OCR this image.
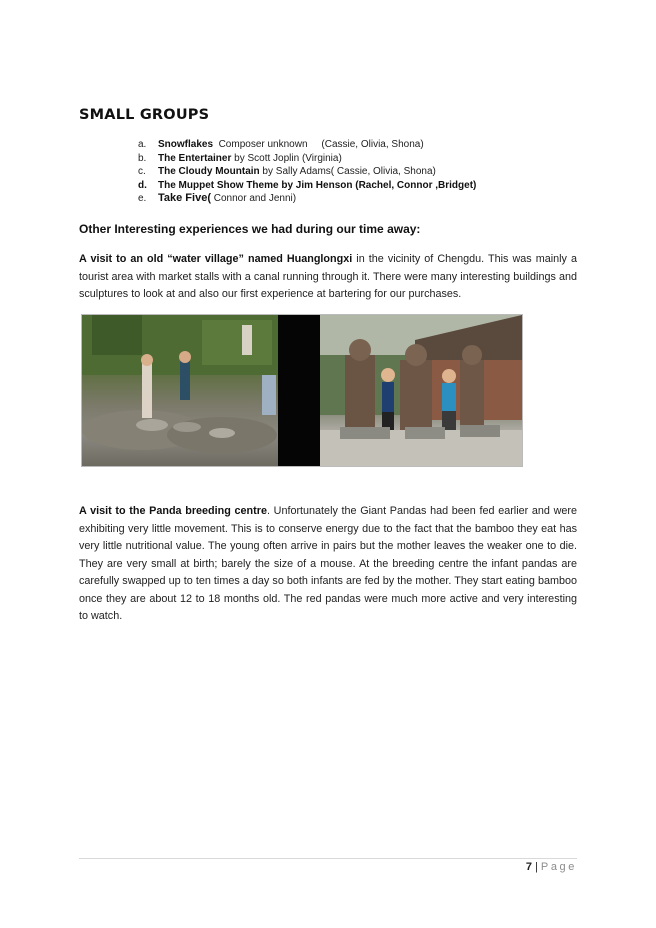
SMALL GROUPS
a. Snowflakes  Composer unknown     (Cassie, Olivia, Shona)
b. The Entertainer by Scott Joplin (Virginia)
c. The Cloudy Mountain by Sally Adams( Cassie, Olivia, Shona)
d. The Muppet Show Theme by Jim Henson (Rachel, Connor ,Bridget)
e. Take Five( Connor and Jenni)
Other Interesting experiences we had during our time away:

A visit to an old “water village” named Huanglongxi in the vicinity of Chengdu. This was mainly a tourist area with market stalls with a canal running through it. There were many interesting buildings and sculptures to look at and also our first experience at bartering for our purchases.

A visit to the Panda breeding centre. Unfortunately the Giant Pandas had been fed earlier and were exhibiting very little movement. This is to conserve energy due to the fact that the bamboo they eat has very little nutritional value. The young often arrive in pairs but the mother leaves the weaker one to die. They are very small at birth; barely the size of a mouse. At the breeding centre the infant pandas are carefully swapped up to ten times a day so both infants are fed by the mother. They start eating bamboo once they are about 12 to 18 months old. The red pandas were much more active and very interesting to watch.

7 | Page
